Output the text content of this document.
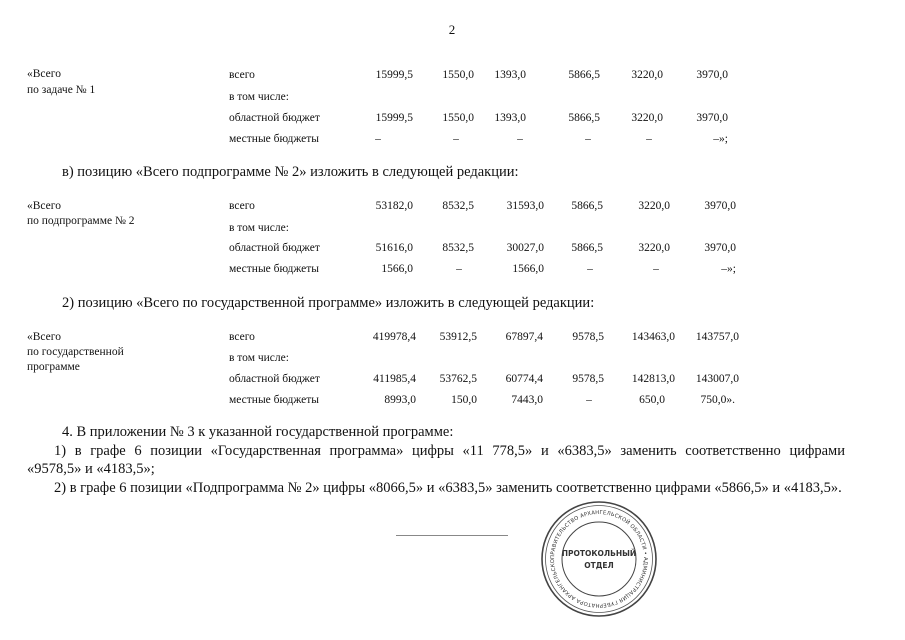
2
«Всего
по задаче № 1
всего	15999,5	1550,0	1393,0	5866,5	3220,0	3970,0
в том числе:
областной бюджет	15999,5	1550,0	1393,0	5866,5	3220,0	3970,0
местные бюджеты	–	–	–	–	–	–»;
в) позицию «Всего подпрограмме № 2» изложить в следующей редакции:
«Всего
по подпрограмме № 2
всего	53182,0	8532,5	31593,0	5866,5	3220,0	3970,0
в том числе:
областной бюджет	51616,0	8532,5	30027,0	5866,5	3220,0	3970,0
местные бюджеты	1566,0	–	1566,0	–	–	–»;
2) позицию «Всего по государственной программе» изложить в следующей редакции:
«Всего
по государственной
программе
всего	419978,4	53912,5	67897,4	9578,5	143463,0	143757,0
в том числе:
областной бюджет	411985,4	53762,5	60774,4	9578,5	142813,0	143007,0
местные бюджеты	8993,0	150,0	7443,0	–	650,0	750,0».
4. В приложении № 3 к указанной государственной программе:
1) в графе 6 позиции «Государственная программа» цифры «11 778,5» и «6383,5» заменить соответственно цифрами
«9578,5» и «4183,5»;
2) в графе 6 позиции «Подпрограмма № 2» цифры «8066,5» и «6383,5» заменить соответственно цифрами «5866,5» и «4183,5».
ПРАВИТЕЛЬСТВО АРХАНГЕЛЬСКОЙ ОБЛАСТИ • АДМИНИСТРАЦИЯ ГУБЕРНАТОРА АРХАНГЕЛЬСКО
ПРОТОКОЛЬНЫЙ
ОТДЕЛ
